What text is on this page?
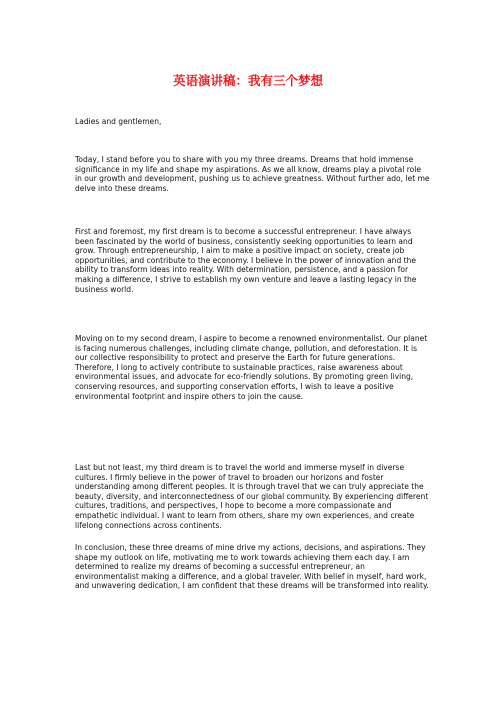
英语演讲稿：我有三个梦想

Ladies and gentlemen,

Today, I stand before you to share with you my three dreams. Dreams that hold immense significance in my life and shape my aspirations. As we all know, dreams play a pivotal role in our growth and development, pushing us to achieve greatness. Without further ado, let me delve into these dreams.

First and foremost, my first dream is to become a successful entrepreneur. I have always been fascinated by the world of business, consistently seeking opportunities to learn and grow. Through entrepreneurship, I aim to make a positive impact on society, create job opportunities, and contribute to the economy. I believe in the power of innovation and the ability to transform ideas into reality. With determination, persistence, and a passion for making a difference, I strive to establish my own venture and leave a lasting legacy in the business world.

Moving on to my second dream, I aspire to become a renowned environmentalist. Our planet is facing numerous challenges, including climate change, pollution, and deforestation. It is our collective responsibility to protect and preserve the Earth for future generations. Therefore, I long to actively contribute to sustainable practices, raise awareness about environmental issues, and advocate for eco-friendly solutions. By promoting green living, conserving resources, and supporting conservation efforts, I wish to leave a positive environmental footprint and inspire others to join the cause.

Last but not least, my third dream is to travel the world and immerse myself in diverse cultures. I firmly believe in the power of travel to broaden our horizons and foster understanding among different peoples. It is through travel that we can truly appreciate the beauty, diversity, and interconnectedness of our global community. By experiencing different cultures, traditions, and perspectives, I hope to become a more compassionate and empathetic individual. I want to learn from others, share my own experiences, and create lifelong connections across continents.

In conclusion, these three dreams of mine drive my actions, decisions, and aspirations. They shape my outlook on life, motivating me to work towards achieving them each day. I am determined to realize my dreams of becoming a successful entrepreneur, an environmentalist making a difference, and a global traveler. With belief in myself, hard work, and unwavering dedication, I am confident that these dreams will be transformed into reality.
